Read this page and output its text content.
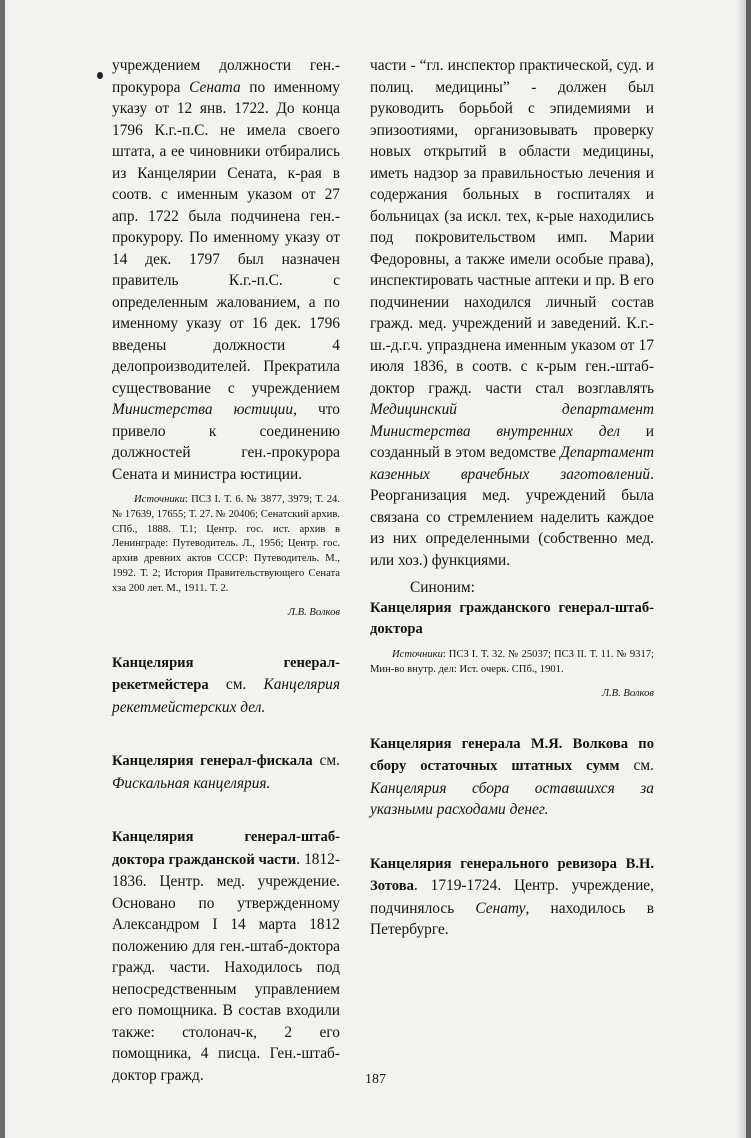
учреждением должности ген.-прокурора Сената по именному указу от 12 янв. 1722. До конца 1796 К.г.-п.С. не имела своего штата, а ее чиновники отбирались из Канцелярии Сената, к-рая в соотв. с именным указом от 27 апр. 1722 была подчинена ген.-прокурору. По именному указу от 14 дек. 1797 был назначен правитель К.г.-п.С. с определенным жалованием, а по именному указу от 16 дек. 1796 введены должности 4 делопроизводителей. Прекратила существование с учреждением Министерства юстиции, что привело к соединению должностей ген.-прокурора Сената и министра юстиции.

Источники: ПСЗ I. Т. 6. № 3877, 3979; Т. 24. № 17639, 17655; Т. 27. № 20406; Сенатский архив. СПб., 1888. Т.1; Центр. гос. ист. архив в Ленинграде: Путеводитель. Л., 1956; Центр. гос. архив древних актов СССР: Путеводитель. М., 1992. Т. 2; История Правительствующего Сената хза 200 лет. М., 1911. Т. 2.

Л.В. Волков

Канцелярия генерал-рекетмейстера см. Канцелярия рекетмейстерских дел.

Канцелярия генерал-фискала см. Фискальная канцелярия.

Канцелярия генерал-штаб-доктора гражданской части. 1812-1836. Центр. мед. учреждение. Основано по утвержденному Александром I 14 марта 1812 положению для ген.-штаб-доктора гражд. части. Находилось под непосредственным управлением его помощника. В состав входили также: столонач-к, 2 его помощника, 4 писца. Ген.-штаб-доктор гражд.

части - “гл. инспектор практической, суд. и полиц. медицины” - должен был руководить борьбой с эпидемиями и эпизоотиями, организовывать проверку новых открытий в области медицины, иметь надзор за правильностью лечения и содержания больных в госпиталях и больницах (за искл. тех, к-рые находились под покровительством имп. Марии Федоровны, а также имели особые права), инспектировать частные аптеки и пр. В его подчинении находился личный состав гражд. мед. учреждений и заведений. К.г.-ш.-д.г.ч. упразднена именным указом от 17 июля 1836, в соотв. с к-рым ген.-штаб-доктор гражд. части стал возглавлять Медицинский департамент Министерства внутренних дел и созданный в этом ведомстве Департамент казенных врачебных заготовлений. Реорганизация мед. учреждений была связана со стремлением наделить каждое из них определенными (собственно мед. или хоз.) функциями.

Синоним:

Канцелярия гражданского генерал-штаб-доктора

Источники: ПСЗ I. Т. 32. № 25037; ПСЗ II. Т. 11. № 9317; Мин-во внутр. дел: Ист. очерк. СПб., 1901.

Л.В. Волков

Канцелярия генерала М.Я. Волкова по сбору остаточных штатных сумм см. Канцелярия сбора оставшихся за указными расходами денег.

Канцелярия генерального ревизора В.Н. Зотова. 1719-1724. Центр. учреждение, подчинялось Сенату, находилось в Петербурге.

187
